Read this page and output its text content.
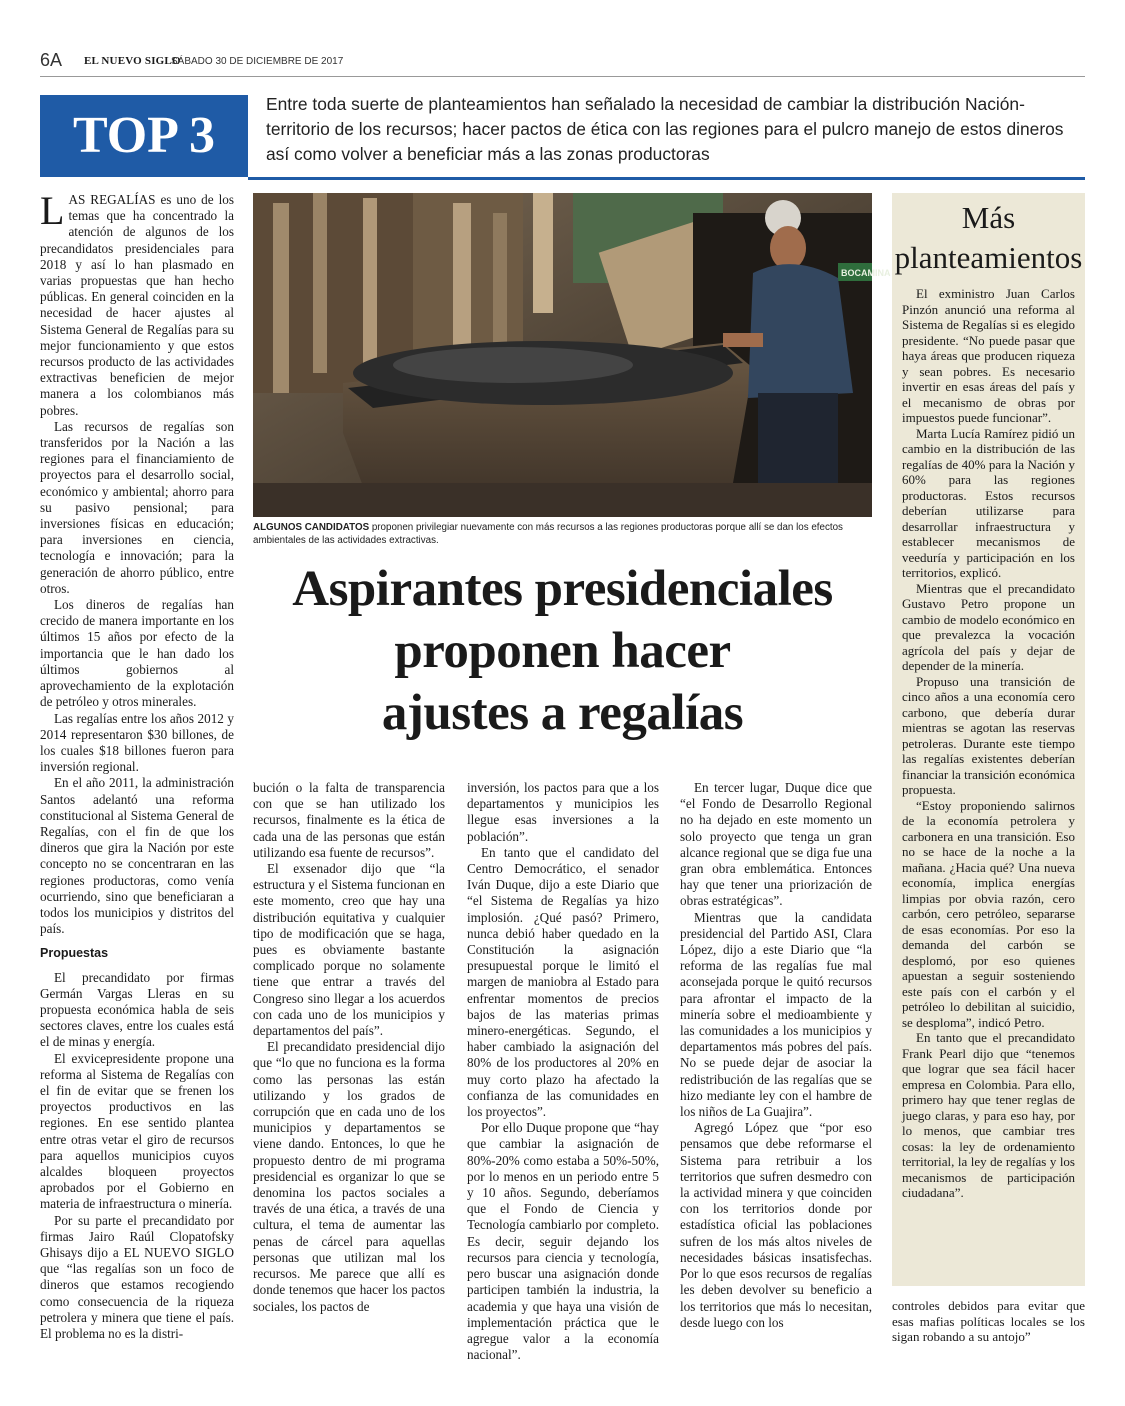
6A EL NUEVO SIGLO
SÁBADO 30 DE DICIEMBRE DE 2017
TOP 3
Entre toda suerte de planteamientos han señalado la necesidad de cambiar la distribución Nación-territorio de los recursos; hacer pactos de ética con las regiones para el pulcro manejo de estos dineros así como volver a beneficiar más a las zonas productoras

LAS REGALÍAS es uno de los temas que ha concentrado la atención de algunos de los precandidatos presidenciales para 2018 y así lo han plasmado en varias propuestas que han hecho públicas. En general coinciden en la necesidad de hacer ajustes al Sistema General de Regalías para su mejor funcionamiento y que estos recursos producto de las actividades extractivas beneficien de mejor manera a los colombianos más pobres.

Las recursos de regalías son transferidos por la Nación a las regiones para el financiamiento de proyectos para el desarrollo social, económico y ambiental; ahorro para su pasivo pensional; para inversiones físicas en educación; para inversiones en ciencia, tecnología e innovación; para la generación de ahorro público, entre otros.

Los dineros de regalías han crecido de manera importante en los últimos 15 años por efecto de la importancia que le han dado los últimos gobiernos al aprovechamiento de la explotación de petróleo y otros minerales.

Las regalías entre los años 2012 y 2014 representaron $30 billones, de los cuales $18 billones fueron para inversión regional.

En el año 2011, la administración Santos adelantó una reforma constitucional al Sistema General de Regalías, con el fin de que los dineros que gira la Nación por este concepto no se concentraran en las regiones productoras, como venía ocurriendo, sino que beneficiaran a todos los municipios y distritos del país.

Propuestas

El precandidato por firmas Germán Vargas Lleras en su propuesta económica habla de seis sectores claves, entre los cuales está el de minas y energía.

El exvicepresidente propone una reforma al Sistema de Regalías con el fin de evitar que se frenen los proyectos productivos en las regiones. En ese sentido plantea entre otras vetar el giro de recursos para aquellos municipios cuyos alcaldes bloqueen proyectos aprobados por el Gobierno en materia de infraestructura o minería.

Por su parte el precandidato por firmas Jairo Raúl Clopatofsky Ghisays dijo a EL NUEVO SIGLO que “las regalías son un foco de dineros que estamos recogiendo como consecuencia de la riqueza petrolera y minera que tiene el país. El problema no es la distri-

BOCAMINA
ALGUNOS CANDIDATOS proponen privilegiar nuevamente con más recursos a las regiones productoras porque allí se dan los efectos ambientales de las actividades extractivas.
Aspirantes presidenciales
proponen hacer
ajustes a regalías

bución o la falta de transparencia con que se han utilizado los recursos, finalmente es la ética de cada una de las personas que están utilizando esa fuente de recursos”.

El exsenador dijo que “la estructura y el Sistema funcionan en este momento, creo que hay una distribución equitativa y cualquier tipo de modificación que se haga, pues es obviamente bastante complicado porque no solamente tiene que entrar a través del Congreso sino llegar a los acuerdos con cada uno de los municipios y departamentos del país”.

El precandidato presidencial dijo que “lo que no funciona es la forma como las personas las están utilizando y los grados de corrupción que en cada uno de los municipios y departamentos se viene dando. Entonces, lo que he propuesto dentro de mi programa presidencial es organizar lo que se denomina los pactos sociales a través de una ética, a través de una cultura, el tema de aumentar las penas de cárcel para aquellas personas que utilizan mal los recursos. Me parece que allí es donde tenemos que hacer los pactos sociales, los pactos de

inversión, los pactos para que a los departamentos y municipios les llegue esas inversiones a la población”.

En tanto que el candidato del Centro Democrático, el senador Iván Duque, dijo a este Diario que “el Sistema de Regalías ya hizo implosión. ¿Qué pasó? Primero, nunca debió haber quedado en la Constitución la asignación presupuestal porque le limitó el margen de maniobra al Estado para enfrentar momentos de precios bajos de las materias primas minero-energéticas. Segundo, el haber cambiado la asignación del 80% de los productores al 20% en muy corto plazo ha afectado la confianza de las comunidades en los proyectos”.

Por ello Duque propone que “hay que cambiar la asignación de 80%-20% como estaba a 50%-50%, por lo menos en un periodo entre 5 y 10 años. Segundo, deberíamos que el Fondo de Ciencia y Tecnología cambiarlo por completo. Es decir, seguir dejando los recursos para ciencia y tecnología, pero buscar una asignación donde participen también la industria, la academia y que haya una visión de implementación práctica que le agregue valor a la economía nacional”.

En tercer lugar, Duque dice que “el Fondo de Desarrollo Regional no ha dejado en este momento un solo proyecto que tenga un gran alcance regional que se diga fue una gran obra emblemática. Entonces hay que tener una priorización de obras estratégicas”.

Mientras que la candidata presidencial del Partido ASI, Clara López, dijo a este Diario que “la reforma de las regalías fue mal aconsejada porque le quitó recursos para afrontar el impacto de la minería sobre el medioambiente y las comunidades a los municipios y departamentos más pobres del país. No se puede dejar de asociar la redistribución de las regalías que se hizo mediante ley con el hambre de los niños de La Guajira”.

Agregó López que “por eso pensamos que debe reformarse el Sistema para retribuir a los territorios que sufren desmedro con la actividad minera y que coinciden con los territorios donde por estadística oficial las poblaciones sufren de los más altos niveles de necesidades básicas insatisfechas. Por lo que esos recursos de regalías les deben devolver su beneficio a los territorios que más lo necesitan, desde luego con los

controles debidos para evitar que esas mafias políticas locales se los sigan robando a su antojo”

Más
planteamientos

El exministro Juan Carlos Pinzón anunció una reforma al Sistema de Regalías si es elegido presidente. “No puede pasar que haya áreas que producen riqueza y sean pobres. Es necesario invertir en esas áreas del país y el mecanismo de obras por impuestos puede funcionar”.

Marta Lucía Ramírez pidió un cambio en la distribución de las regalías de 40% para la Nación y 60% para las regiones productoras. Estos recursos deberían utilizarse para desarrollar infraestructura y establecer mecanismos de veeduría y participación en los territorios, explicó.

Mientras que el precandidato Gustavo Petro propone un cambio de modelo económico en que prevalezca la vocación agrícola del país y dejar de depender de la minería.

Propuso una transición de cinco años a una economía cero carbono, que debería durar mientras se agotan las reservas petroleras. Durante este tiempo las regalías existentes deberían financiar la transición económica propuesta.

“Estoy proponiendo salirnos de la economía petrolera y carbonera en una transición. Eso no se hace de la noche a la mañana. ¿Hacia qué? Una nueva economía, implica energías limpias por obvia razón, cero carbón, cero petróleo, separarse de esas economías. Por eso la demanda del carbón se desplomó, por eso quienes apuestan a seguir sosteniendo este país con el carbón y el petróleo lo debilitan al suicidio, se desploma”, indicó Petro.

En tanto que el precandidato Frank Pearl dijo que “tenemos que lograr que sea fácil hacer empresa en Colombia. Para ello, primero hay que tener reglas de juego claras, y para eso hay, por lo menos, que cambiar tres cosas: la ley de ordenamiento territorial, la ley de regalías y los mecanismos de participación ciudadana”.
